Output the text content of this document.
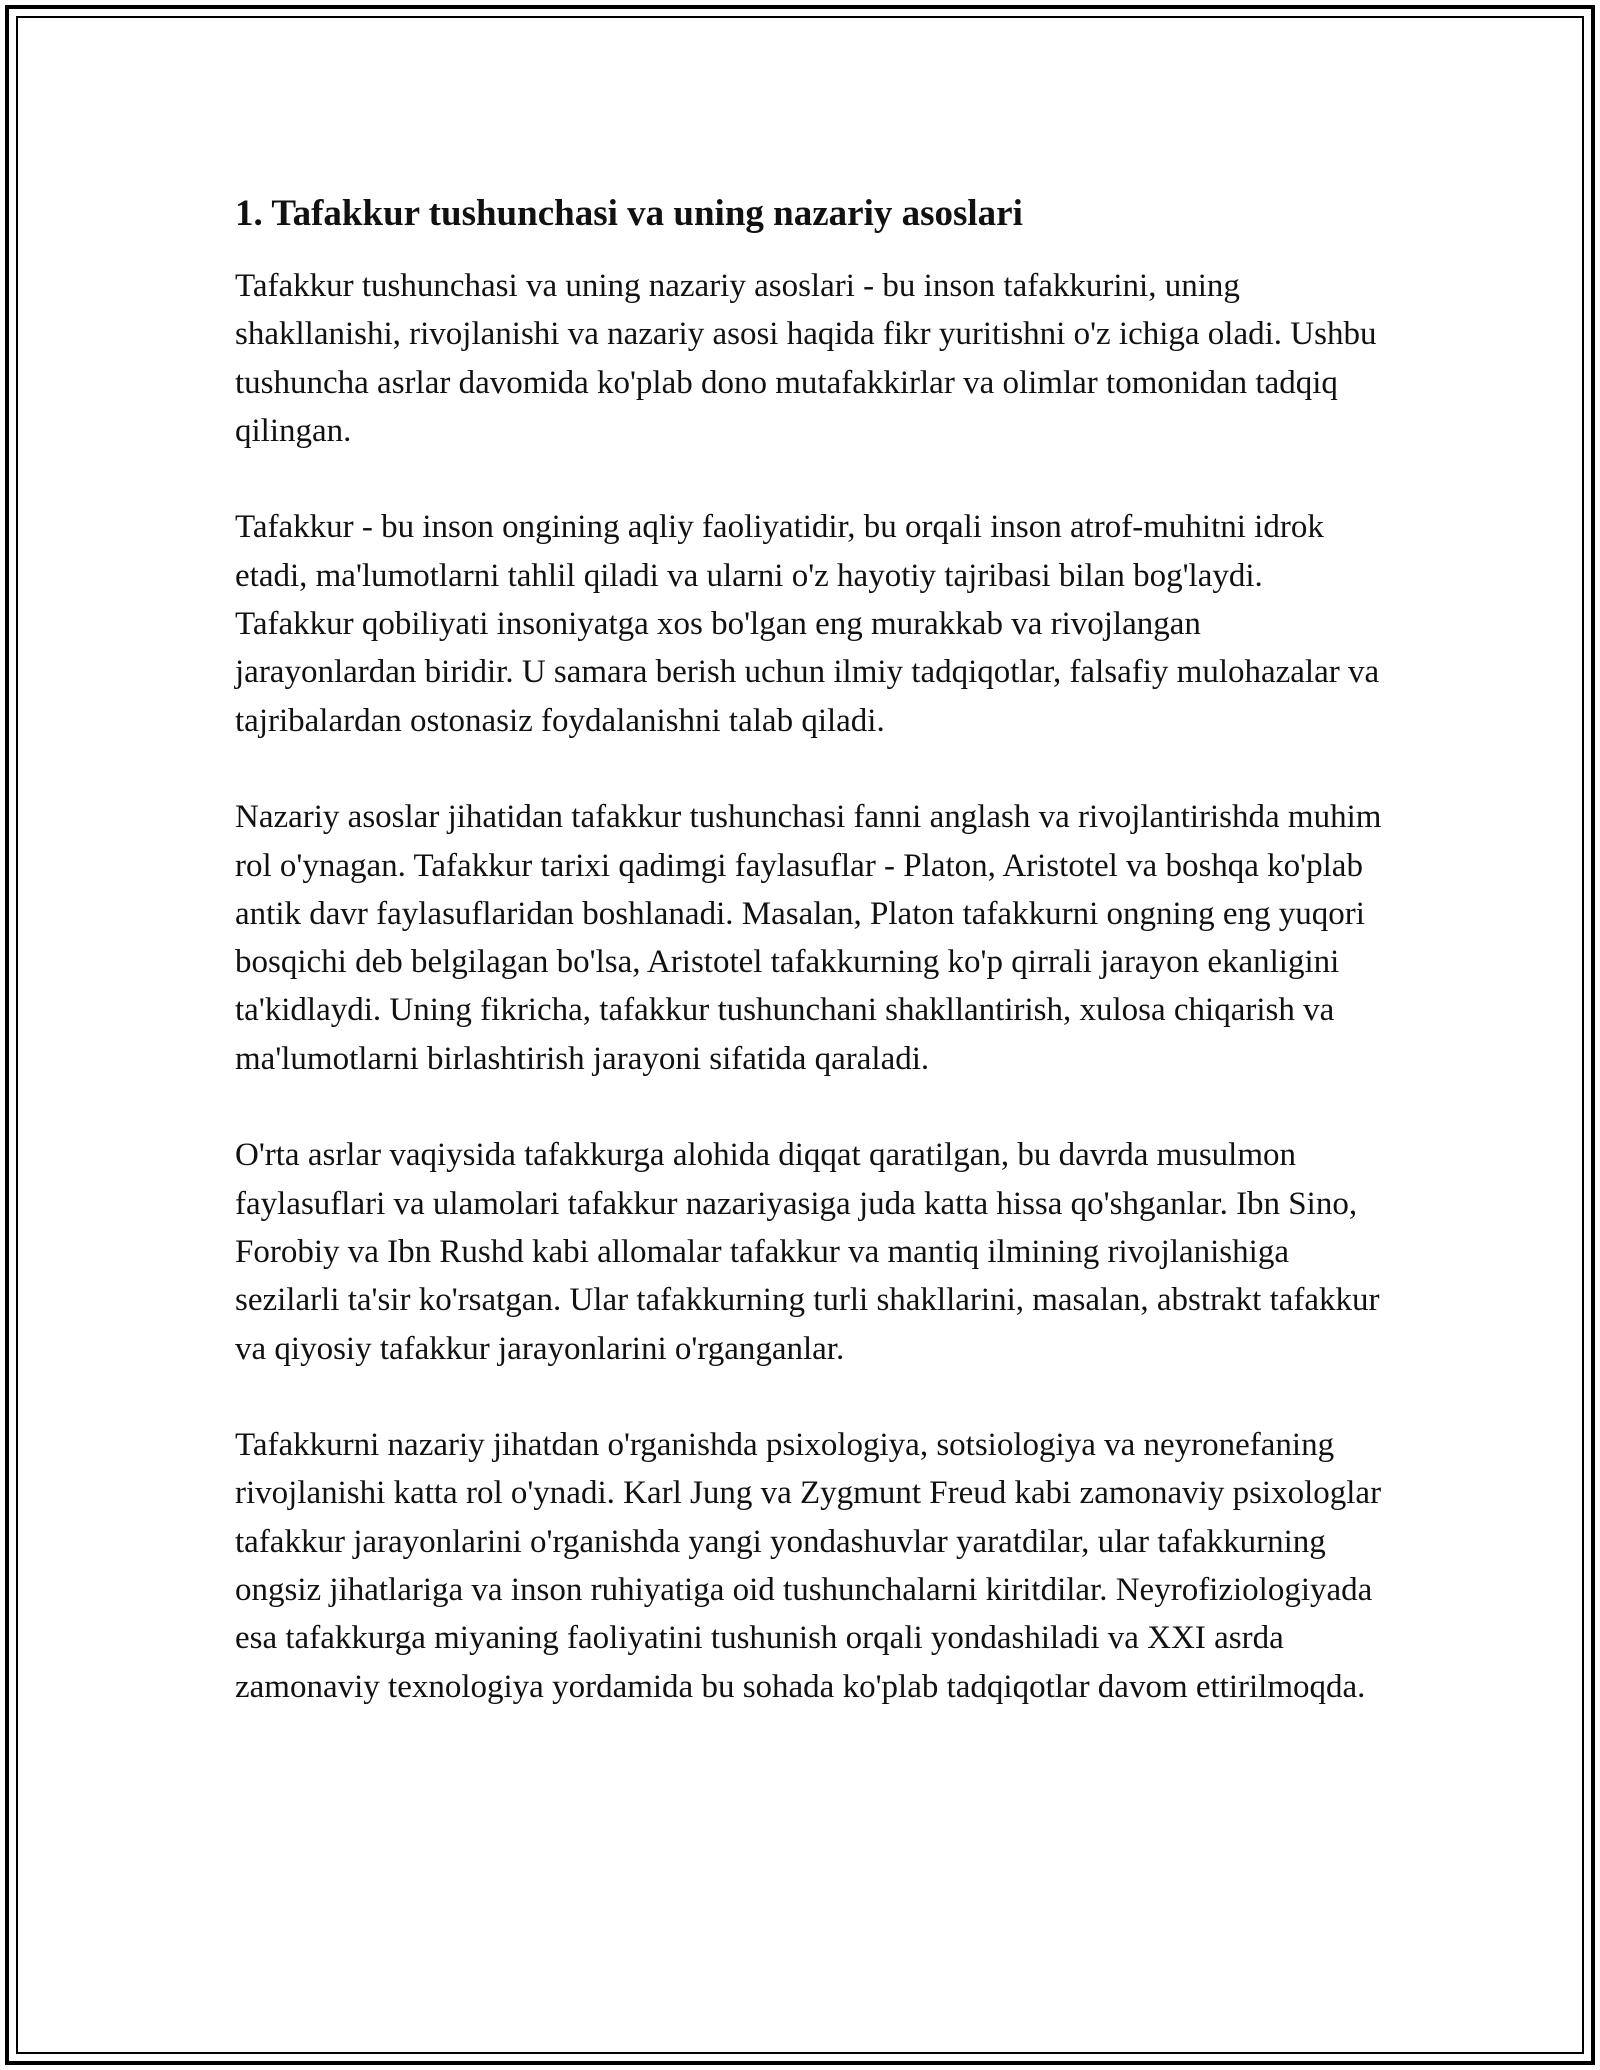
1. Tafakkur tushunchasi va uning nazariy asoslari

Tafakkur tushunchasi va uning nazariy asoslari - bu inson tafakkurini, uning shakllanishi, rivojlanishi va nazariy asosi haqida fikr yuritishni o'z ichiga oladi. Ushbu tushuncha asrlar davomida ko'plab dono mutafakkirlar va olimlar tomonidan tadqiq qilingan.

Tafakkur - bu inson ongining aqliy faoliyatidir, bu orqali inson atrof-muhitni idrok etadi, ma'lumotlarni tahlil qiladi va ularni o'z hayotiy tajribasi bilan bog'laydi. Tafakkur qobiliyati insoniyatga xos bo'lgan eng murakkab va rivojlangan jarayonlardan biridir. U samara berish uchun ilmiy tadqiqotlar, falsafiy mulohazalar va tajribalardan ostonasiz foydalanishni talab qiladi.

Nazariy asoslar jihatidan tafakkur tushunchasi fanni anglash va rivojlantirishda muhim rol o'ynagan. Tafakkur tarixi qadimgi faylasuflar - Platon, Aristotel va boshqa ko'plab antik davr faylasuflaridan boshlanadi. Masalan, Platon tafakkurni ongning eng yuqori bosqichi deb belgilagan bo'lsa, Aristotel tafakkurning ko'p qirrali jarayon ekanligini ta'kidlaydi. Uning fikricha, tafakkur tushunchani shakllantirish, xulosa chiqarish va ma'lumotlarni birlashtirish jarayoni sifatida qaraladi.

O'rta asrlar vaqiysida tafakkurga alohida diqqat qaratilgan, bu davrda musulmon faylasuflari va ulamolari tafakkur nazariyasiga juda katta hissa qo'shganlar. Ibn Sino, Forobiy va Ibn Rushd kabi allomalar tafakkur va mantiq ilmining rivojlanishiga sezilarli ta'sir ko'rsatgan. Ular tafakkurning turli shakllarini, masalan, abstrakt tafakkur va qiyosiy tafakkur jarayonlarini o'rganganlar.

Tafakkurni nazariy jihatdan o'rganishda psixologiya, sotsiologiya va neyronefaning rivojlanishi katta rol o'ynadi. Karl Jung va Zygmunt Freud kabi zamonaviy psixologlar tafakkur jarayonlarini o'rganishda yangi yondashuvlar yaratdilar, ular tafakkurning ongsiz jihatlariga va inson ruhiyatiga oid tushunchalarni kiritdilar. Neyrofiziologiyada esa tafakkurga miyaning faoliyatini tushunish orqali yondashiladi va XXI asrda zamonaviy texnologiya yordamida bu sohada ko'plab tadqiqotlar davom ettirilmoqda.
